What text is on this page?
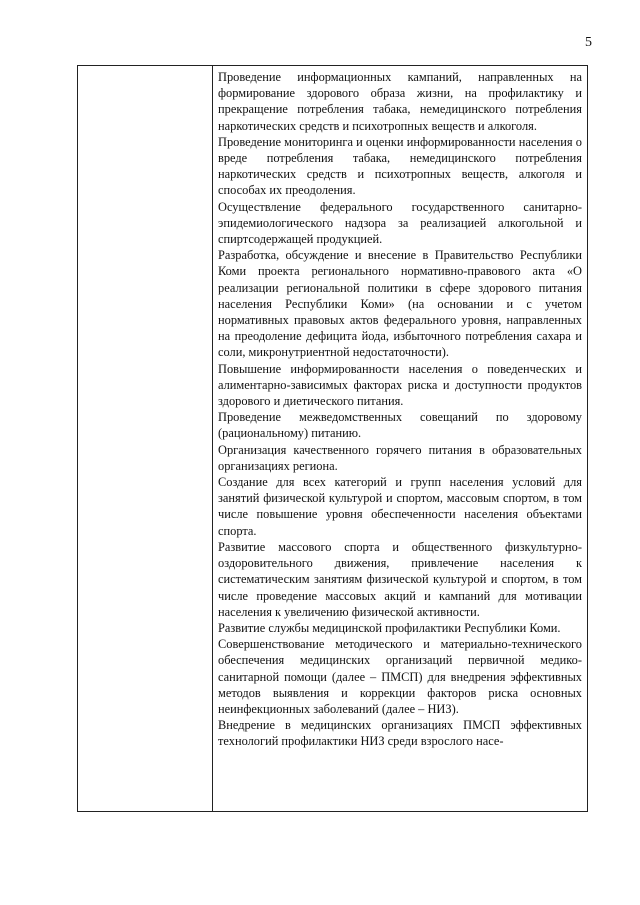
5

Проведение информационных кампаний, направленных на формирование здорового образа жизни, на профилактику и прекращение потребления табака, немедицинского потребления наркотических средств и психотропных веществ и алкоголя.

Проведение мониторинга и оценки информированности населения о вреде потребления табака, немедицинского потребления наркотических средств и психотропных веществ, алкоголя и способах их преодоления.

Осуществление федерального государственного санитарно-эпидемиологического надзора за реализацией алкогольной и спиртсодержащей продукцией.

Разработка, обсуждение и внесение в Правительство Республики Коми проекта регионального нормативно-правового акта «О реализации региональной политики в сфере здорового питания населения Республики Коми» (на основании и с учетом нормативных правовых актов федерального уровня, направленных на преодоление дефицита йода, избыточного потребления сахара и соли, микронутриентной недостаточности).

Повышение информированности населения о поведенческих и алиментарно-зависимых факторах риска и доступности продуктов здорового и диетического питания.

Проведение межведомственных совещаний по здоровому (рациональному) питанию.

Организация качественного горячего питания в образовательных организациях региона.

Создание для всех категорий и групп населения условий для занятий физической культурой и спортом, массовым спортом, в том числе повышение уровня обеспеченности населения объектами спорта.

Развитие массового спорта и общественного физкультурно-оздоровительного движения, привлечение населения к систематическим занятиям физической культурой и спортом, в том числе проведение массовых акций и кампаний для мотивации населения к увеличению физической активности.

Развитие службы медицинской профилактики Республики Коми.

Совершенствование методического и материально-технического обеспечения медицинских организаций первичной медико-санитарной помощи (далее – ПМСП) для внедрения эффективных методов выявления и коррекции факторов риска основных неинфекционных заболеваний (далее – НИЗ).

Внедрение в медицинских организациях ПМСП эффективных технологий профилактики НИЗ среди взрослого насе-
